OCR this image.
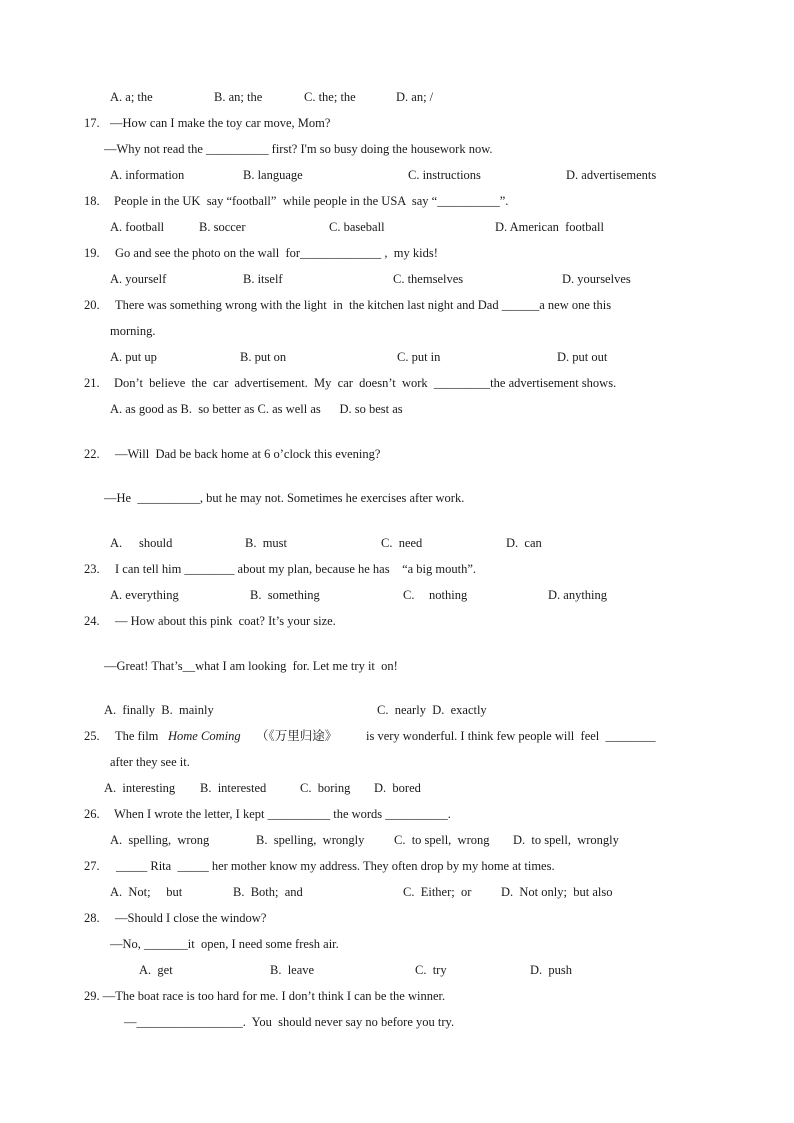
A. a; the	B. an; the	C. the; the	D. an; /
17. —How can I make the toy car move, Mom?
—Why not read the __________ first? I'm so busy doing the housework now.
A. information	B. language	C. instructions	D. advertisements
18. People in the UK  say “football”  while people in the USA  say “__________”.
A. football	B. soccer	C. baseball	D. American  football
19. Go and see the photo on the wall  for_____________ ,  my kids!
A. yourself	B. itself	C. themselves	D. yourselves
20. There was something wrong with the light  in  the kitchen last night and Dad ______a new one this
morning.
A. put up	B. put on	C. put in	D. put out
21. Don’t  believe  the  car  advertisement.  My  car  doesn’t  work  _________the advertisement shows.
A. as good as B.  so better as C. as well as      D. so best as
22. —Will  Dad be back home at 6 o’clock this evening?
—He  __________, but he may not. Sometimes he exercises after work.
A. should	B.  must	C.  need	D.  can
23. I can tell him ________ about my plan, because he has    “a big mouth”.
A. everything	B.  something	C. nothing	D. anything
24. — How about this pink  coat? It’s your size.
—Great! That’s__what I am looking  for. Let me try it  on!
A.  finally  B.  mainly	C.  nearly  D.  exactly
25. The film Home Coming （《万里归途》 is very wonderful. I think few people will  feel  ________
after they see it.
A.  interesting B.  interested	C.  boring D.  bored
26. When I wrote the letter, I kept __________ the words __________.
A.  spelling,  wrong	B.  spelling,  wrongly C.  to spell,  wrong D.  to spell,  wrongly
27. _____ Rita  _____ her mother know my address. They often drop by my home at times.
A.  Not;     but	B.  Both;  and	C.  Either;  or D.  Not only;  but also
28. —Should I close the window?
—No, _______it  open, I need some fresh air.
A.  get	B.  leave	C.  try	D.  push
29. —The boat race is too hard for me. I don’t think I can be the winner.
—_________________.  You  should never say no before you try.
